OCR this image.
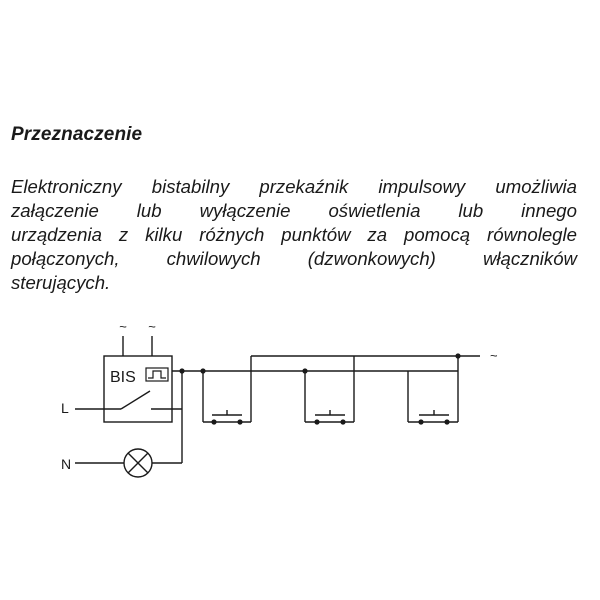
Przeznaczenie
Elektroniczny bistabilny przekaźnik impulsowy umożliwia
załączenie lub wyłączenie oświetlenia lub innego
urządzenia z kilku różnych punktów za pomocą równolegle
połączonych, chwilowych (dzwonkowych) włączników
sterujących.
~ ~
BIS
L
N
~
